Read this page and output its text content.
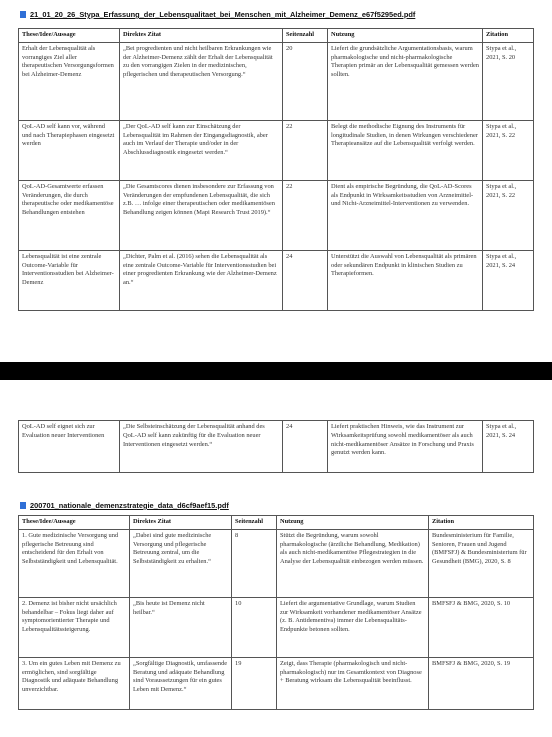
21_01_20_26_Stypa_Erfassung_der_Lebensqualitaet_bei_Menschen_mit_Alzheimer_Demenz_e67f5295ed.pdf
These/Idee/Aussage	Direktes Zitat	Seitenzahl	Nutzung	Zitation
Erhalt der Lebensqualität als vorrangiges Ziel aller therapeutischen Versorgungsformen bei Alzheimer-Demenz	„Bei progredienten und nicht heilbaren Erkrankungen wie der Alzheimer-Demenz zählt der Erhalt der Lebensqualität zu den vorrangigen Zielen in der medizinischen, pflegerischen und therapeutischen Versorgung.“	20	Liefert die grundsätzliche Argumentationsbasis, warum pharmakologische und nicht-pharmakologische Therapien primär an der Lebensqualität gemessen werden sollten.	Stypa et al., 2021, S. 20
QoL-AD self kann vor, während und nach Therapiephasen eingesetzt werden	„Der QoL-AD self kann zur Einschätzung der Lebensqualität im Rahmen der Eingangsdiagnostik, aber auch im Verlauf der Therapie und/oder in der Abschlussdiagnostik eingesetzt werden.“	22	Belegt die methodische Eignung des Instruments für longitudinale Studien, in denen Wirkungen verschiedener Therapieansätze auf die Lebensqualität verfolgt werden.	Stypa et al., 2021, S. 22
QoL-AD-Gesamtwerte erfassen Veränderungen, die durch therapeutische oder medikamentöse Behandlungen entstehen	„Die Gesamtscores dienen insbesondere zur Erfassung von Veränderungen der empfundenen Lebensqualität, die sich z.B. … infolge einer therapeutischen oder medikamentösen Behandlung zeigen können (Mapi Research Trust 2019).“	22	Dient als empirische Begründung, die QoL-AD-Scores als Endpunkt in Wirksamkeitsstudien von Arzneimittel- und Nicht-Arzneimittel-Interventionen zu verwenden.	Stypa et al., 2021, S. 22
Lebensqualität ist eine zentrale Outcome-Variable für Interventionsstudien bei Alzheimer-Demenz	„Dichter, Palm et al. (2016) sehen die Lebensqualität als eine zentrale Outcome-Variable für Interventionsstudien bei einer progredienten Erkrankung wie der Alzheimer-Demenz an.“	24	Unterstützt die Auswahl von Lebensqualität als primären oder sekundären Endpunkt in klinischen Studien zu Therapieformen.	Stypa et al., 2021, S. 24
QoL-AD self eignet sich zur Evaluation neuer Interventionen	„Die Selbsteinschätzung der Lebensqualität anhand des QoL-AD self kann zukünftig für die Evaluation neuer Interventionen eingesetzt werden.“	24	Liefert praktischen Hinweis, wie das Instrument zur Wirksamkeitsprüfung sowohl medikamentöser als auch nicht-medikamentöser Ansätze in Forschung und Praxis genutzt werden kann.	Stypa et al., 2021, S. 24
200701_nationale_demenzstrategie_data_d6cf9aef15.pdf
These/Idee/Aussage	Direktes Zitat	Seitenzahl	Nutzung	Zitation
1. Gute medizinische Versorgung und pflegerische Betreuung sind entscheidend für den Erhalt von Selbstständigkeit und Lebensqualität.	„Dabei sind gute medizinische Versorgung und pflegerische Betreuung zentral, um die Selbstständigkeit zu erhalten.“	8	Stützt die Begründung, warum sowohl pharmakologische (ärztliche Behandlung, Medikation) als auch nicht-medikamentöse Pflegestrategien in die Analyse der Lebensqualität einbezogen werden müssen.	Bundesministerium für Familie, Senioren, Frauen und Jugend (BMFSFJ) & Bundesministerium für Gesundheit (BMG), 2020, S. 8
2. Demenz ist bisher nicht ursächlich behandelbar – Fokus liegt daher auf symptomorientierter Therapie und Lebensqualitätssteigerung.	„Bis heute ist Demenz nicht heilbar.“	10	Liefert die argumentative Grundlage, warum Studien zur Wirksamkeit vorhandener medikamentöser Ansätze (z. B. Antidementiva) immer die Lebensqualitäts-Endpunkte betonen sollten.	BMFSFJ & BMG, 2020, S. 10
3. Um ein gutes Leben mit Demenz zu ermöglichen, sind sorgfältige Diagnostik und adäquate Behandlung unverzichtbar.	„Sorgfältige Diagnostik, umfassende Beratung und adäquate Behandlung sind Voraussetzungen für ein gutes Leben mit Demenz.“	19	Zeigt, dass Therapie (pharmakologisch und nicht-pharmakologisch) nur im Gesamtkontext von Diagnose + Beratung wirksam die Lebensqualität beeinflusst.	BMFSFJ & BMG, 2020, S. 19
